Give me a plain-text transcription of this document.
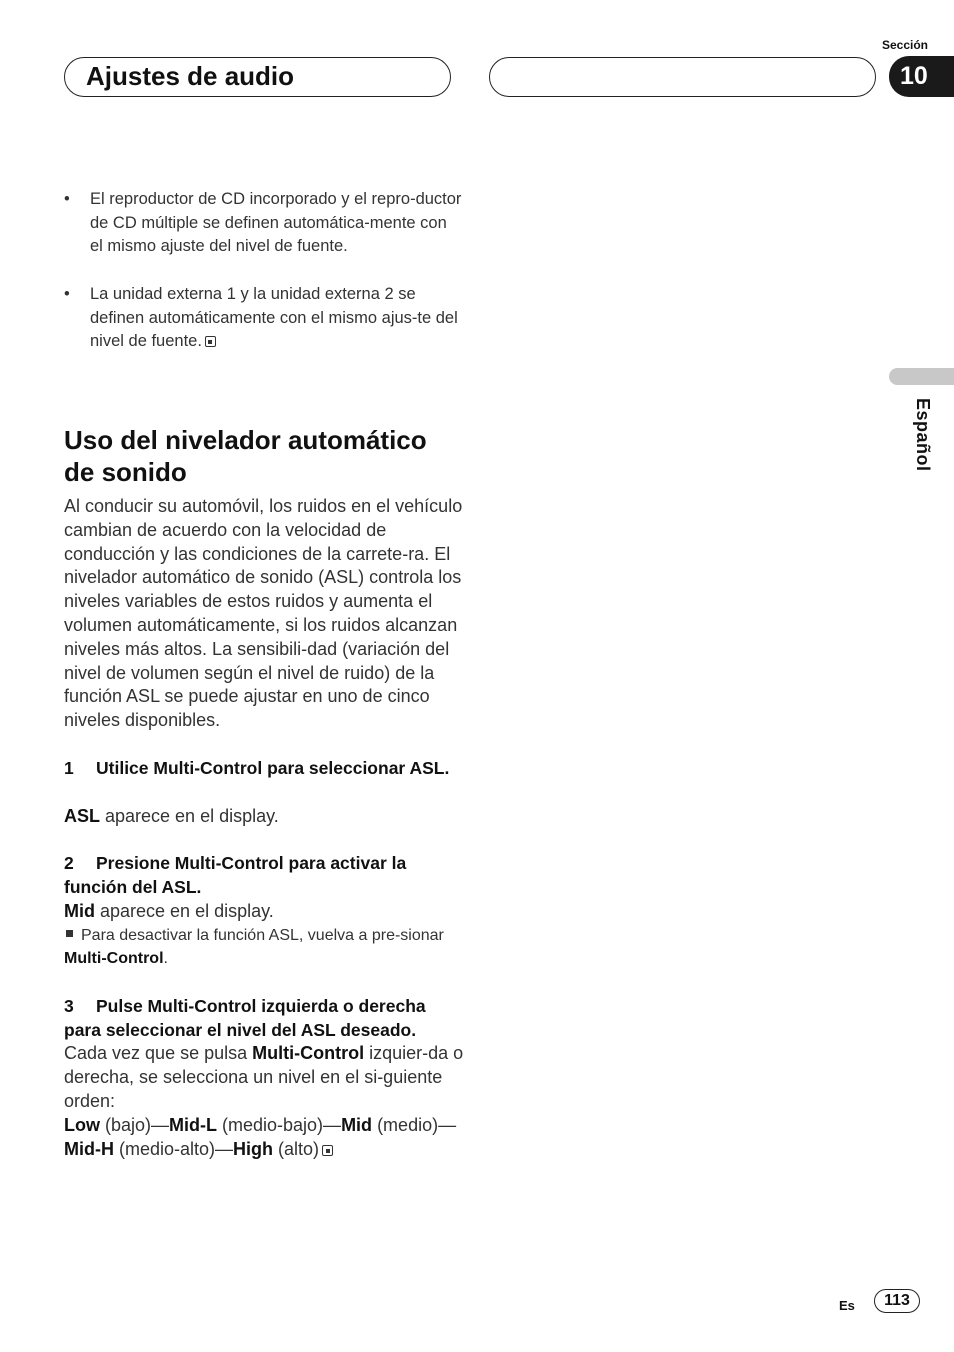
Sección
Ajustes de audio	10
Español
• El reproductor de CD incorporado y el repro-ductor de CD múltiple se definen automática-mente con el mismo ajuste del nivel de fuente.
• La unidad externa 1 y la unidad externa 2 se definen automáticamente con el mismo ajus-te del nivel de fuente.
Uso del nivelador automático de sonido
Al conducir su automóvil, los ruidos en el vehículo cambian de acuerdo con la velocidad de conducción y las condiciones de la carrete-ra. El nivelador automático de sonido (ASL) controla los niveles variables de estos ruidos y aumenta el volumen automáticamente, si los ruidos alcanzan niveles más altos. La sensibili-dad (variación del nivel de volumen según el nivel de ruido) de la función ASL se puede ajustar en uno de cinco niveles disponibles.
1 Utilice Multi-Control para seleccionar ASL.
ASL aparece en el display.
2 Presione Multi-Control para activar la función del ASL.
Mid aparece en el display.
Para desactivar la función ASL, vuelva a pre-sionar Multi-Control.
3 Pulse Multi-Control izquierda o derecha para seleccionar el nivel del ASL deseado.
Cada vez que se pulsa Multi-Control izquier-da o derecha, se selecciona un nivel en el si-guiente orden:
Low (bajo)—Mid-L (medio-bajo)—Mid (medio)—Mid-H (medio-alto)—High (alto)
Es	113
